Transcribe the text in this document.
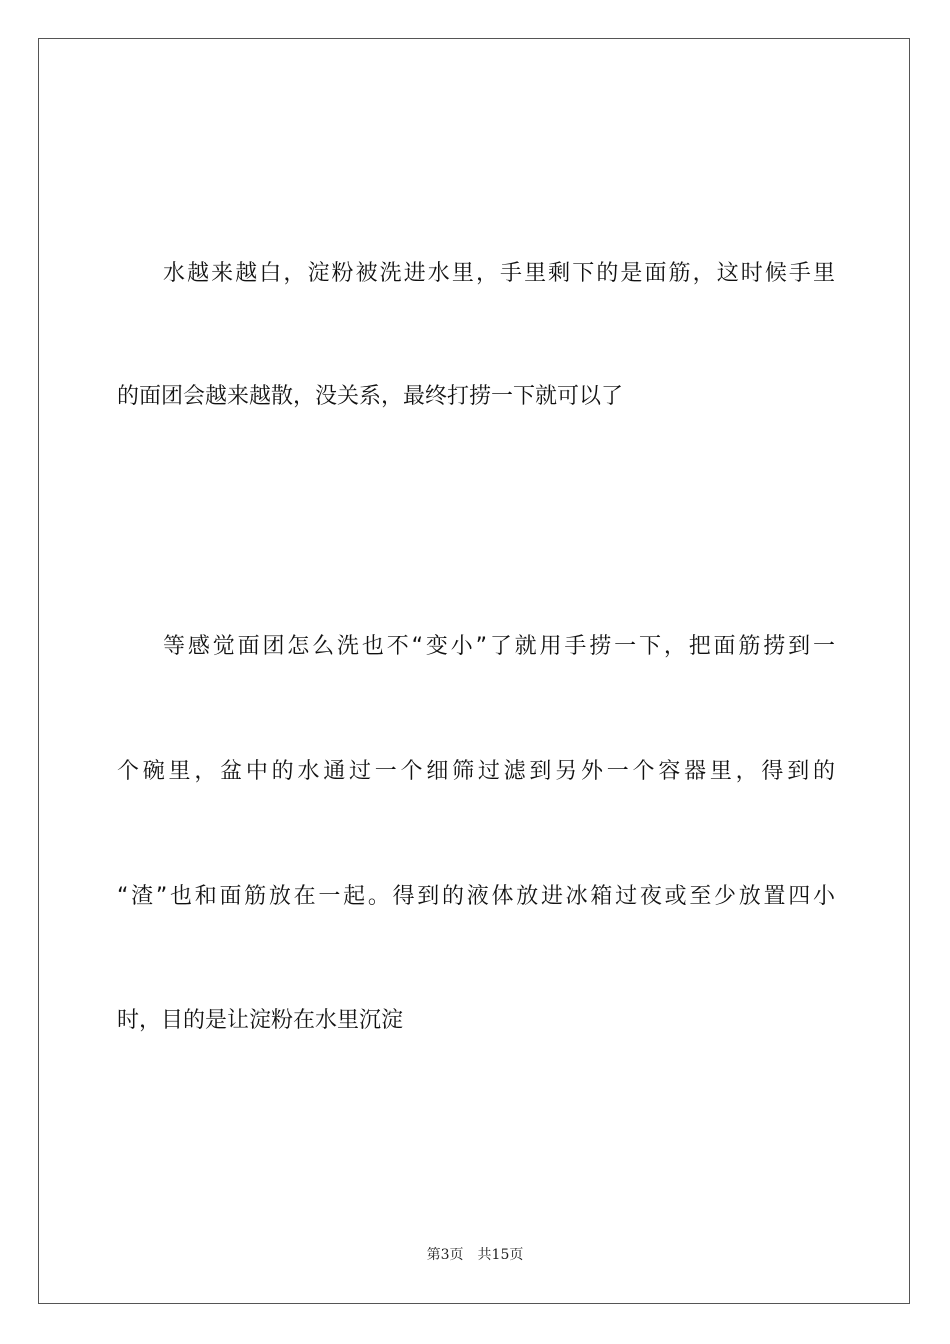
水越来越白，淀粉被洗进水里，手里剩下的是面筋，这时候手里
的面团会越来越散，没关系，最终打捞一下就可以了
等感觉面团怎么洗也不“变小”了就用手捞一下，把面筋捞到一
个碗里，盆中的水通过一个细筛过滤到另外一个容器里，得到的
“渣”也和面筋放在一起。得到的液体放进冰箱过夜或至少放置四小
时，目的是让淀粉在水里沉淀
第3页 共15页
